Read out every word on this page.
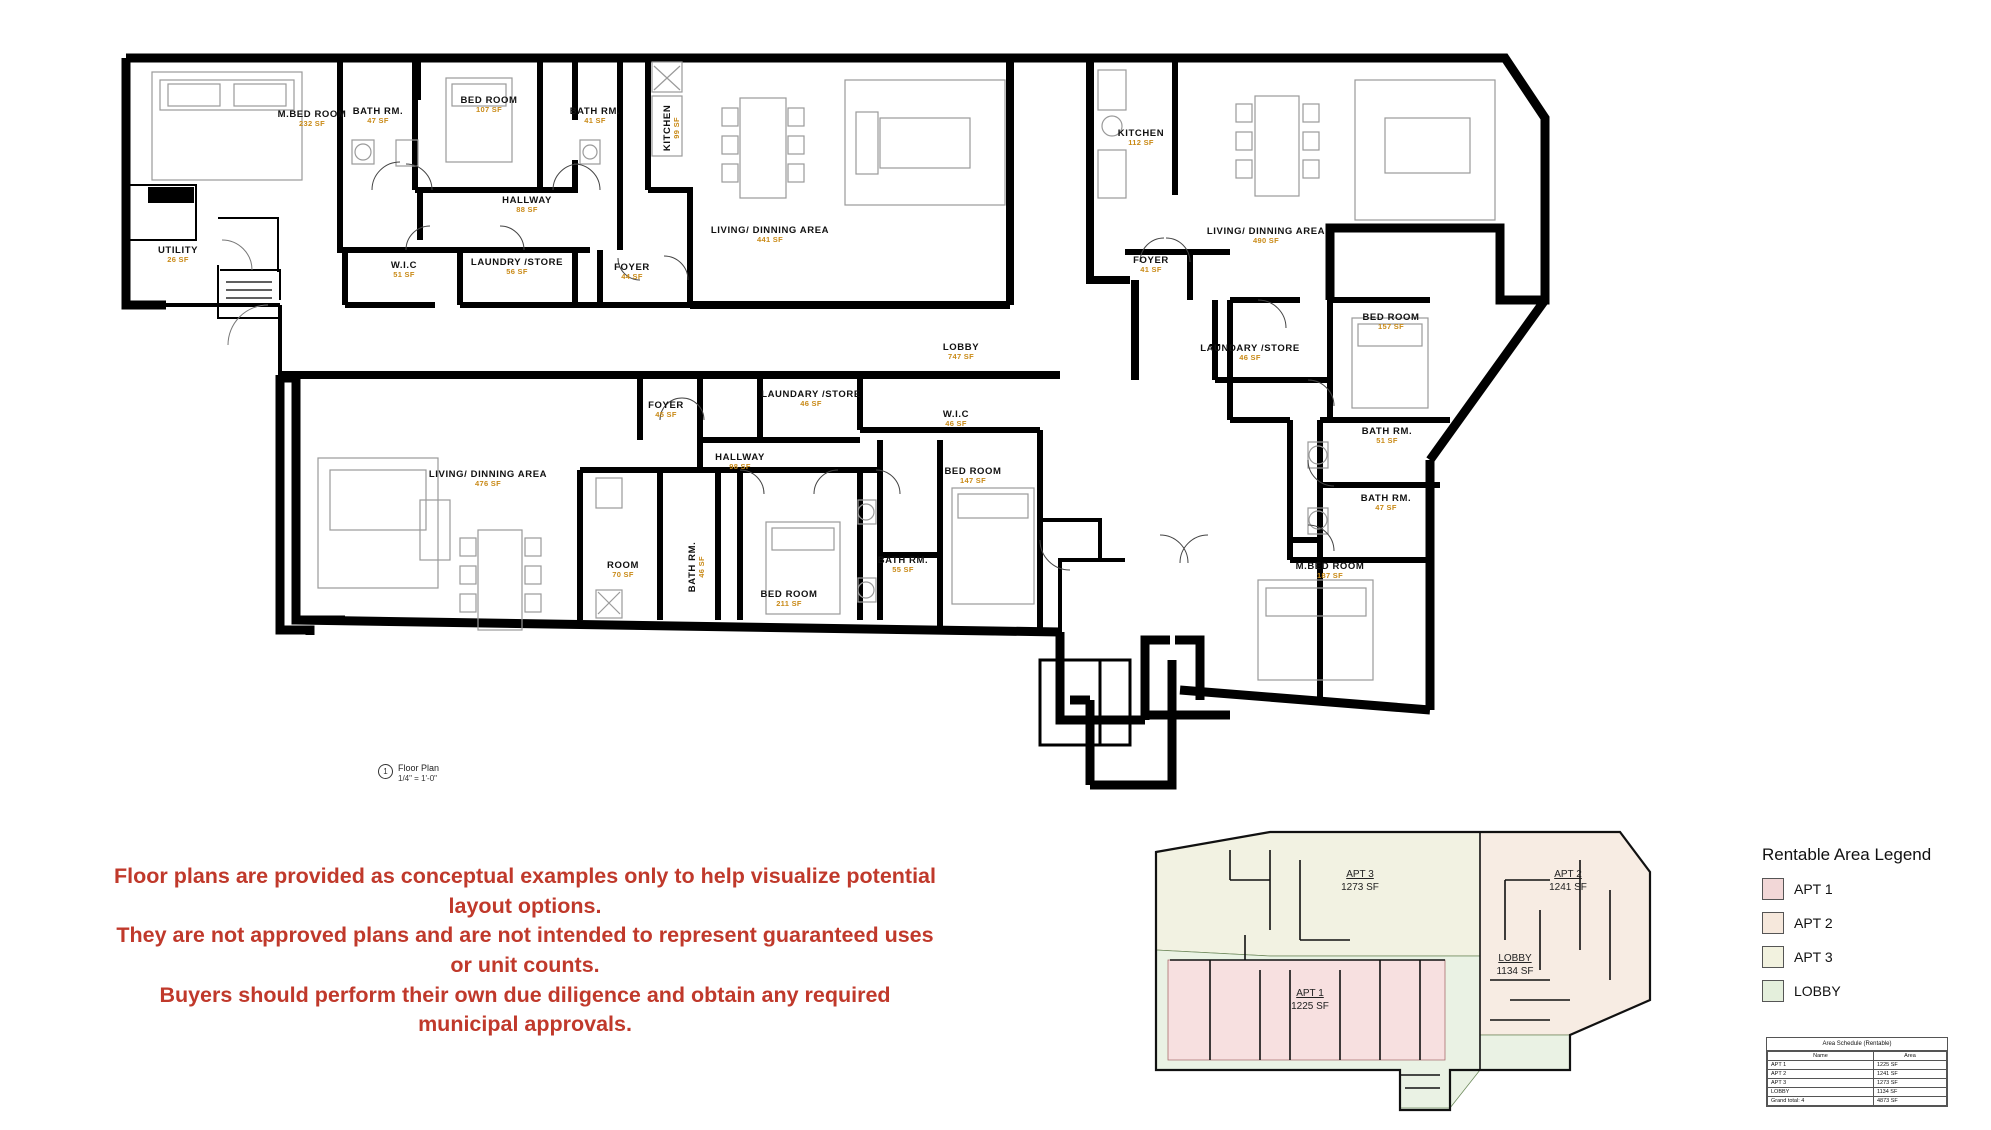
M.BED ROOM
232 SF
BATH RM.
47 SF
BED ROOM
107 SF	BATH RM.
41 SF	KITCHEN
99 SF
HALLWAY
88 SF
LIVING/ DINNING AREA
441 SF
UTILITY
26 SF
W.I.C
51 SF
LAUNDRY /STORE
56 SF	FOYER
44 SF
KITCHEN
112 SF
LIVING/ DINNING AREA
490 SF
FOYER
41 SF
BED ROOM
157 SF
LOBBY
747 SF
LAUNDARY /STORE
46 SF
BATH RM.
51 SF
FOYER
45 SF
LAUNDARY /STORE
46 SF
W.I.C
46 SF
HALLWAY
98 SF
LIVING/ DINNING AREA
476 SF
BED ROOM
147 SF
BATH RM.
47 SF
ROOM
70 SF	BATH RM.
46 SF
BED ROOM
211 SF
BATH RM.
55 SF	M.BED ROOM
187 SF
1	Floor Plan
1/4" = 1'-0"
Floor plans are provided as conceptual examples only to help visualize potential layout options.
They are not approved plans and are not intended to represent guaranteed uses or unit counts.
Buyers should perform their own due diligence and obtain any required municipal approvals.
APT 3
1273 SF
APT 2
1241 SF
LOBBY
1134 SF
APT 1
1225 SF
Rentable Area Legend
APT 1
APT 2
APT 3
LOBBY
Area Schedule (Rentable)
Name	Area
APT 1	1225 SF
APT 2	1241 SF
APT 3	1273 SF
LOBBY	1134 SF
Grand total: 4	4873 SF
